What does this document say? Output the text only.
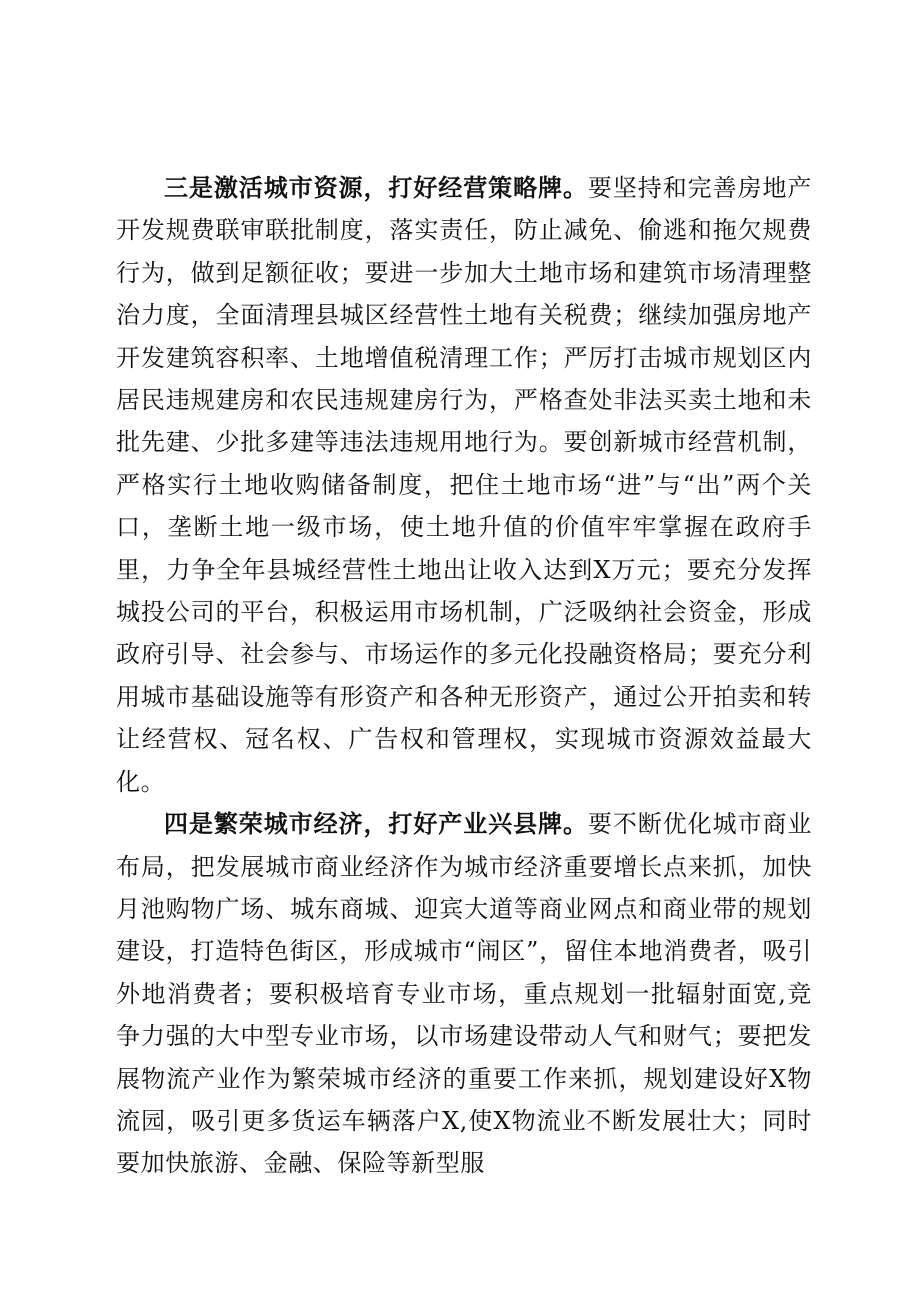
三是激活城市资源，打好经营策略牌。要坚持和完善房地产开发规费联审联批制度，落实责任，防止减免、偷逃和拖欠规费行为，做到足额征收；要进一步加大土地市场和建筑市场清理整治力度，全面清理县城区经营性土地有关税费；继续加强房地产开发建筑容积率、土地增值税清理工作；严厉打击城市规划区内居民违规建房和农民违规建房行为，严格查处非法买卖土地和未批先建、少批多建等违法违规用地行为。要创新城市经营机制，严格实行土地收购储备制度，把住土地市场“进”与“出”两个关口，垄断土地一级市场，使土地升值的价值牢牢掌握在政府手里，力争全年县城经营性土地出让收入达到X万元；要充分发挥城投公司的平台，积极运用市场机制，广泛吸纳社会资金，形成政府引导、社会参与、市场运作的多元化投融资格局；要充分利用城市基础设施等有形资产和各种无形资产，通过公开拍卖和转让经营权、冠名权、广告权和管理权，实现城市资源效益最大化。

四是繁荣城市经济，打好产业兴县牌。要不断优化城市商业布局，把发展城市商业经济作为城市经济重要增长点来抓，加快月池购物广场、城东商城、迎宾大道等商业网点和商业带的规划建设，打造特色街区，形成城市“闹区”，留住本地消费者，吸引外地消费者；要积极培育专业市场，重点规划一批辐射面宽,竞争力强的大中型专业市场，以市场建设带动人气和财气；要把发展物流产业作为繁荣城市经济的重要工作来抓，规划建设好X物流园，吸引更多货运车辆落户X,使X物流业不断发展壮大；同时要加快旅游、金融、保险等新型服
